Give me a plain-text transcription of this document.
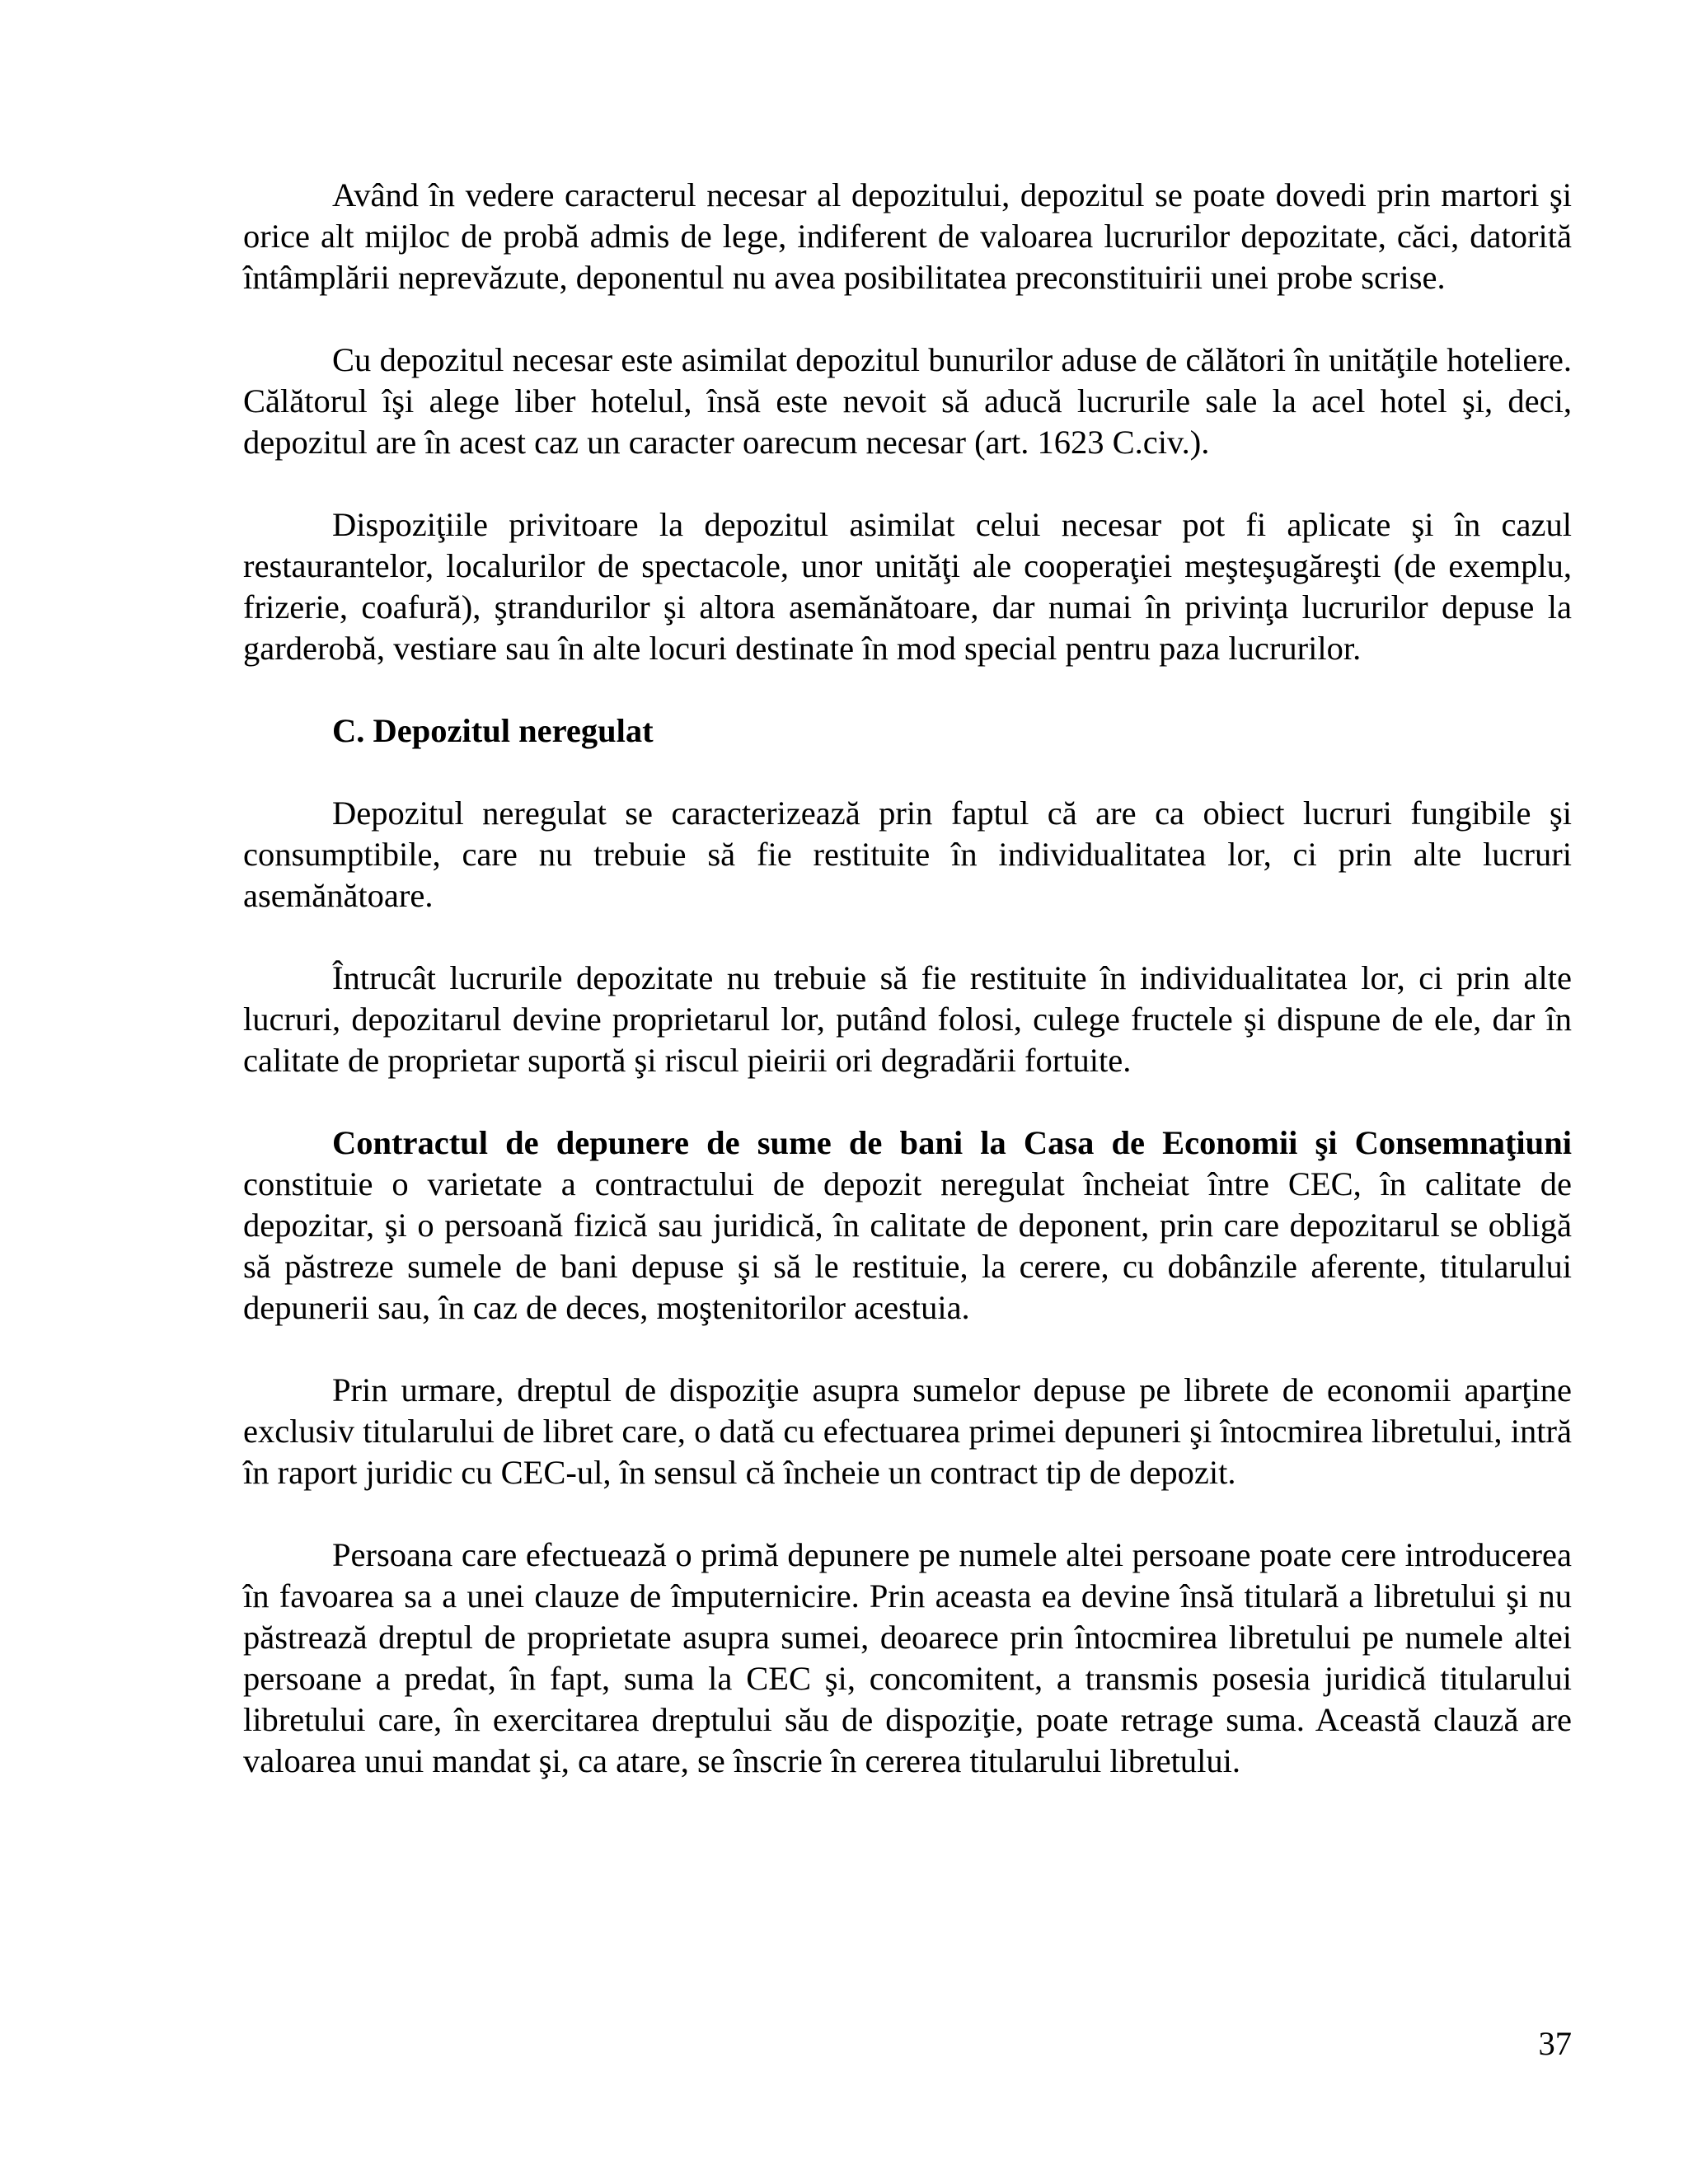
Având în vedere caracterul necesar al depozitului, depozitul se poate dovedi prin martori şi orice alt mijloc de probă admis de lege, indiferent de valoarea lucrurilor depozitate, căci, datorită întâmplării neprevăzute, deponentul nu avea posibilitatea preconstituirii unei probe scrise.

Cu depozitul necesar este asimilat depozitul bunurilor aduse de călători în unităţile hoteliere. Călătorul îşi alege liber hotelul, însă este nevoit să aducă lucrurile sale la acel hotel şi, deci, depozitul are în acest caz un caracter oarecum necesar (art. 1623 C.civ.).

Dispoziţiile privitoare la depozitul asimilat celui necesar pot fi aplicate şi în cazul restaurantelor, localurilor de spectacole, unor unităţi ale cooperaţiei meşteşugăreşti (de exemplu, frizerie, coafură), ştrandurilor şi altora asemănătoare, dar numai în privinţa lucrurilor depuse la garderobă, vestiare sau în alte locuri destinate în mod special pentru paza lucrurilor.

C. Depozitul neregulat

Depozitul neregulat se caracterizează prin faptul că are ca obiect lucruri fungibile şi consumptibile, care nu trebuie să fie restituite în individualitatea lor, ci prin alte lucruri asemănătoare.

Întrucât lucrurile depozitate nu trebuie să fie restituite în individualitatea lor, ci prin alte lucruri, depozitarul devine proprietarul lor, putând folosi, culege fructele şi dispune de ele, dar în calitate de proprietar suportă şi riscul pieirii ori degradării fortuite.

Contractul de depunere de sume de bani la Casa de Economii şi Consemnaţiuni constituie o varietate a contractului de depozit neregulat încheiat între CEC, în calitate de depozitar, şi o persoană fizică sau juridică, în calitate de deponent, prin care depozitarul se obligă să păstreze sumele de bani depuse şi să le restituie, la cerere, cu dobânzile aferente, titularului depunerii sau, în caz de deces, moştenitorilor acestuia.

Prin urmare, dreptul de dispoziţie asupra sumelor depuse pe librete de economii aparţine exclusiv titularului de libret care, o dată cu efectuarea primei depuneri şi întocmirea libretului, intră în raport juridic cu CEC-ul, în sensul că încheie un contract tip de depozit.

Persoana care efectuează o primă depunere pe numele altei persoane poate cere introducerea în favoarea sa a unei clauze de împuternicire. Prin aceasta ea devine însă titulară a libretului şi nu păstrează dreptul de proprietate asupra sumei, deoarece prin întocmirea libretului pe numele altei persoane a predat, în fapt, suma la CEC şi, concomitent, a transmis posesia juridică titularului libretului care, în exercitarea dreptului său de dispoziţie, poate retrage suma. Această clauză are valoarea unui mandat şi, ca atare, se înscrie în cererea titularului libretului.

37
